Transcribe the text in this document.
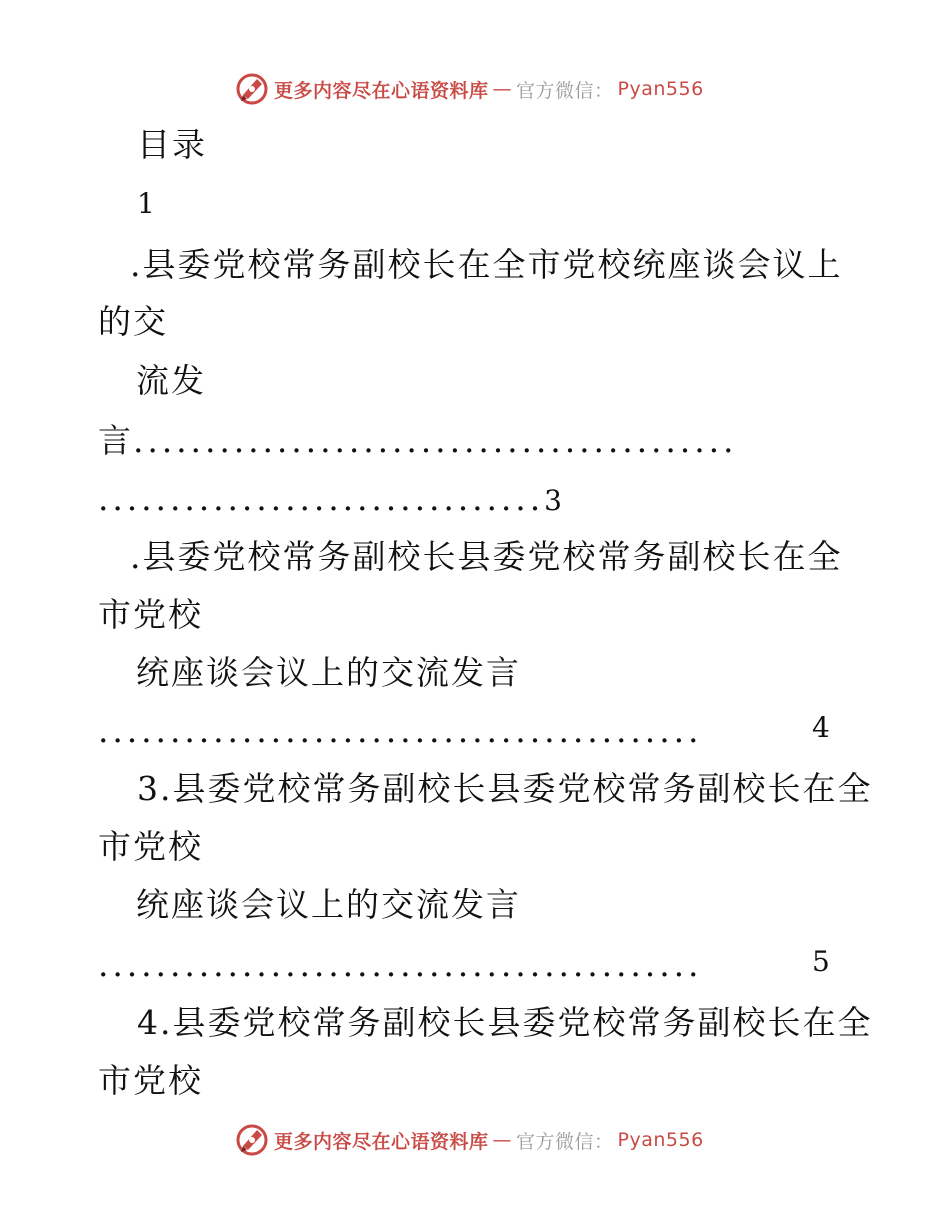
更多内容尽在心语资料库 — 官方微信： Pyan556
目录
1
.县委党校常务副校长在全市党校统座谈会议上
的交
流发
言..........................................
...............................3
.县委党校常务副校长县委党校常务副校长在全
市党校
统座谈会议上的交流发言
..........................................	4
3.县委党校常务副校长县委党校常务副校长在全
市党校
统座谈会议上的交流发言
..........................................	5
4.县委党校常务副校长县委党校常务副校长在全
市党校
更多内容尽在心语资料库 — 官方微信： Pyan556
